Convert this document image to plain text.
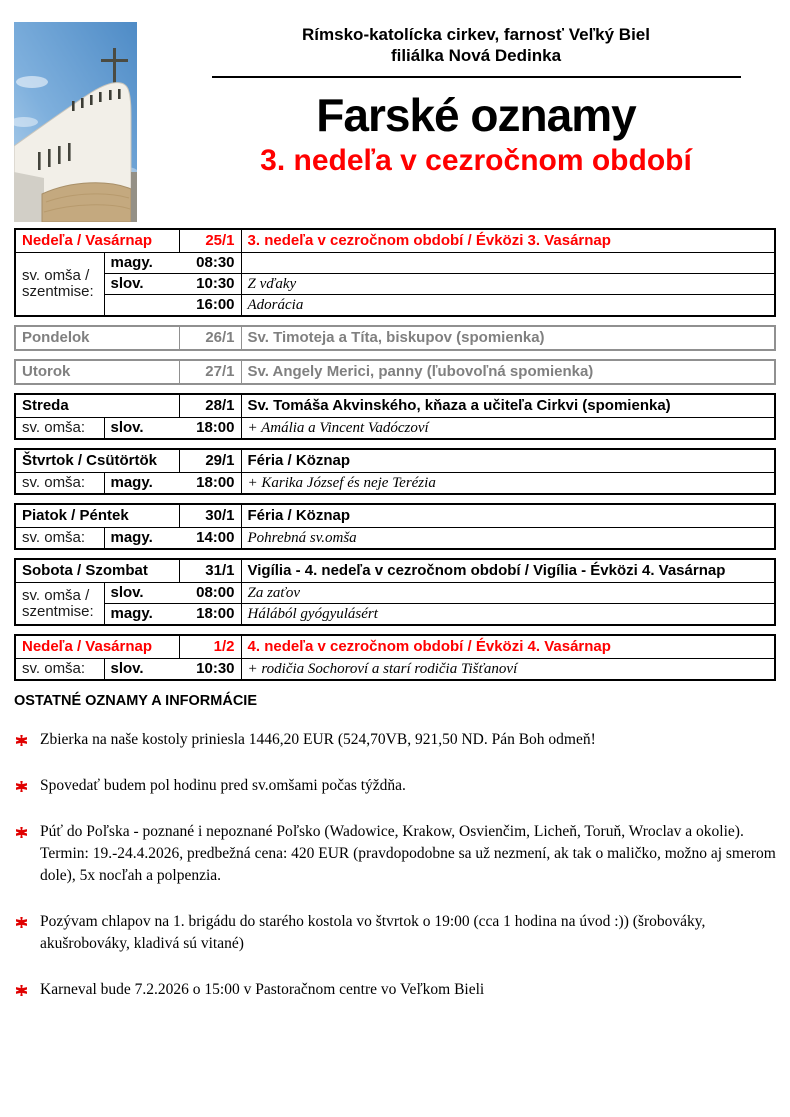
Rímsko-katolícka cirkev, farnosť Veľký Biel
filiálka Nová Dedinka
Farské oznamy
3. nedeľa v cezročnom období
Nedeľa / Vasárnap		25/1	3. nedeľa v cezročnom období / Évközi 3. Vasárnap
sv. omša / szentmise:	magy.	08:30	
	slov.	10:30	Z vďaky
		16:00	Adorácia
Pondelok	26/1	Sv. Timoteja a Títa, biskupov (spomienka)
Utorok	27/1	Sv. Angely Merici, panny (ľubovoľná spomienka)
Streda		28/1	Sv. Tomáša Akvinského, kňaza a učiteľa Cirkvi (spomienka)
sv. omša:	slov.	18:00	+ Amália a Vincent Vadóczoví
Štvrtok / Csütörtök		29/1	Féria / Köznap
sv. omša:	magy.	18:00	+ Karika József és neje Terézia
Piatok / Péntek		30/1	Féria / Köznap
sv. omša:	magy.	14:00	Pohrebná sv.omša
Sobota / Szombat		31/1	Vigília - 4. nedeľa v cezročnom období / Vigília - Évközi 4. Vasárnap
sv. omša / szentmise:	slov.	08:00	Za zaťov
	magy.	18:00	Hálából gyógyulásért
Nedeľa / Vasárnap		1/2	4. nedeľa v cezročnom období / Évközi 4. Vasárnap
sv. omša:	slov.	10:30	+ rodičia Sochoroví a starí rodičia Tišťanoví
OSTATNÉ OZNAMY A INFORMÁCIE
Zbierka na naše kostoly priniesla 1446,20 EUR (524,70VB, 921,50 ND. Pán Boh odmeň!
Spovedať budem pol hodinu pred sv.omšami počas týždňa.
Púť do Poľska - poznané i nepoznané Poľsko (Wadowice, Krakow, Osvienčim, Licheň, Toruň, Wroclav a okolie). Termin: 19.-24.4.2026, predbežná cena: 420 EUR (pravdopodobne sa už nezmení, ak tak o maličko, možno aj smerom dole), 5x nocľah a polpenzia.
Pozývam chlapov na 1. brigádu do starého kostola vo štvrtok o 19:00 (cca 1 hodina na úvod :)) (šrobováky, akušrobováky, kladivá sú vitané)
Karneval bude 7.2.2026 o 15:00 v Pastoračnom centre vo Veľkom Bieli
